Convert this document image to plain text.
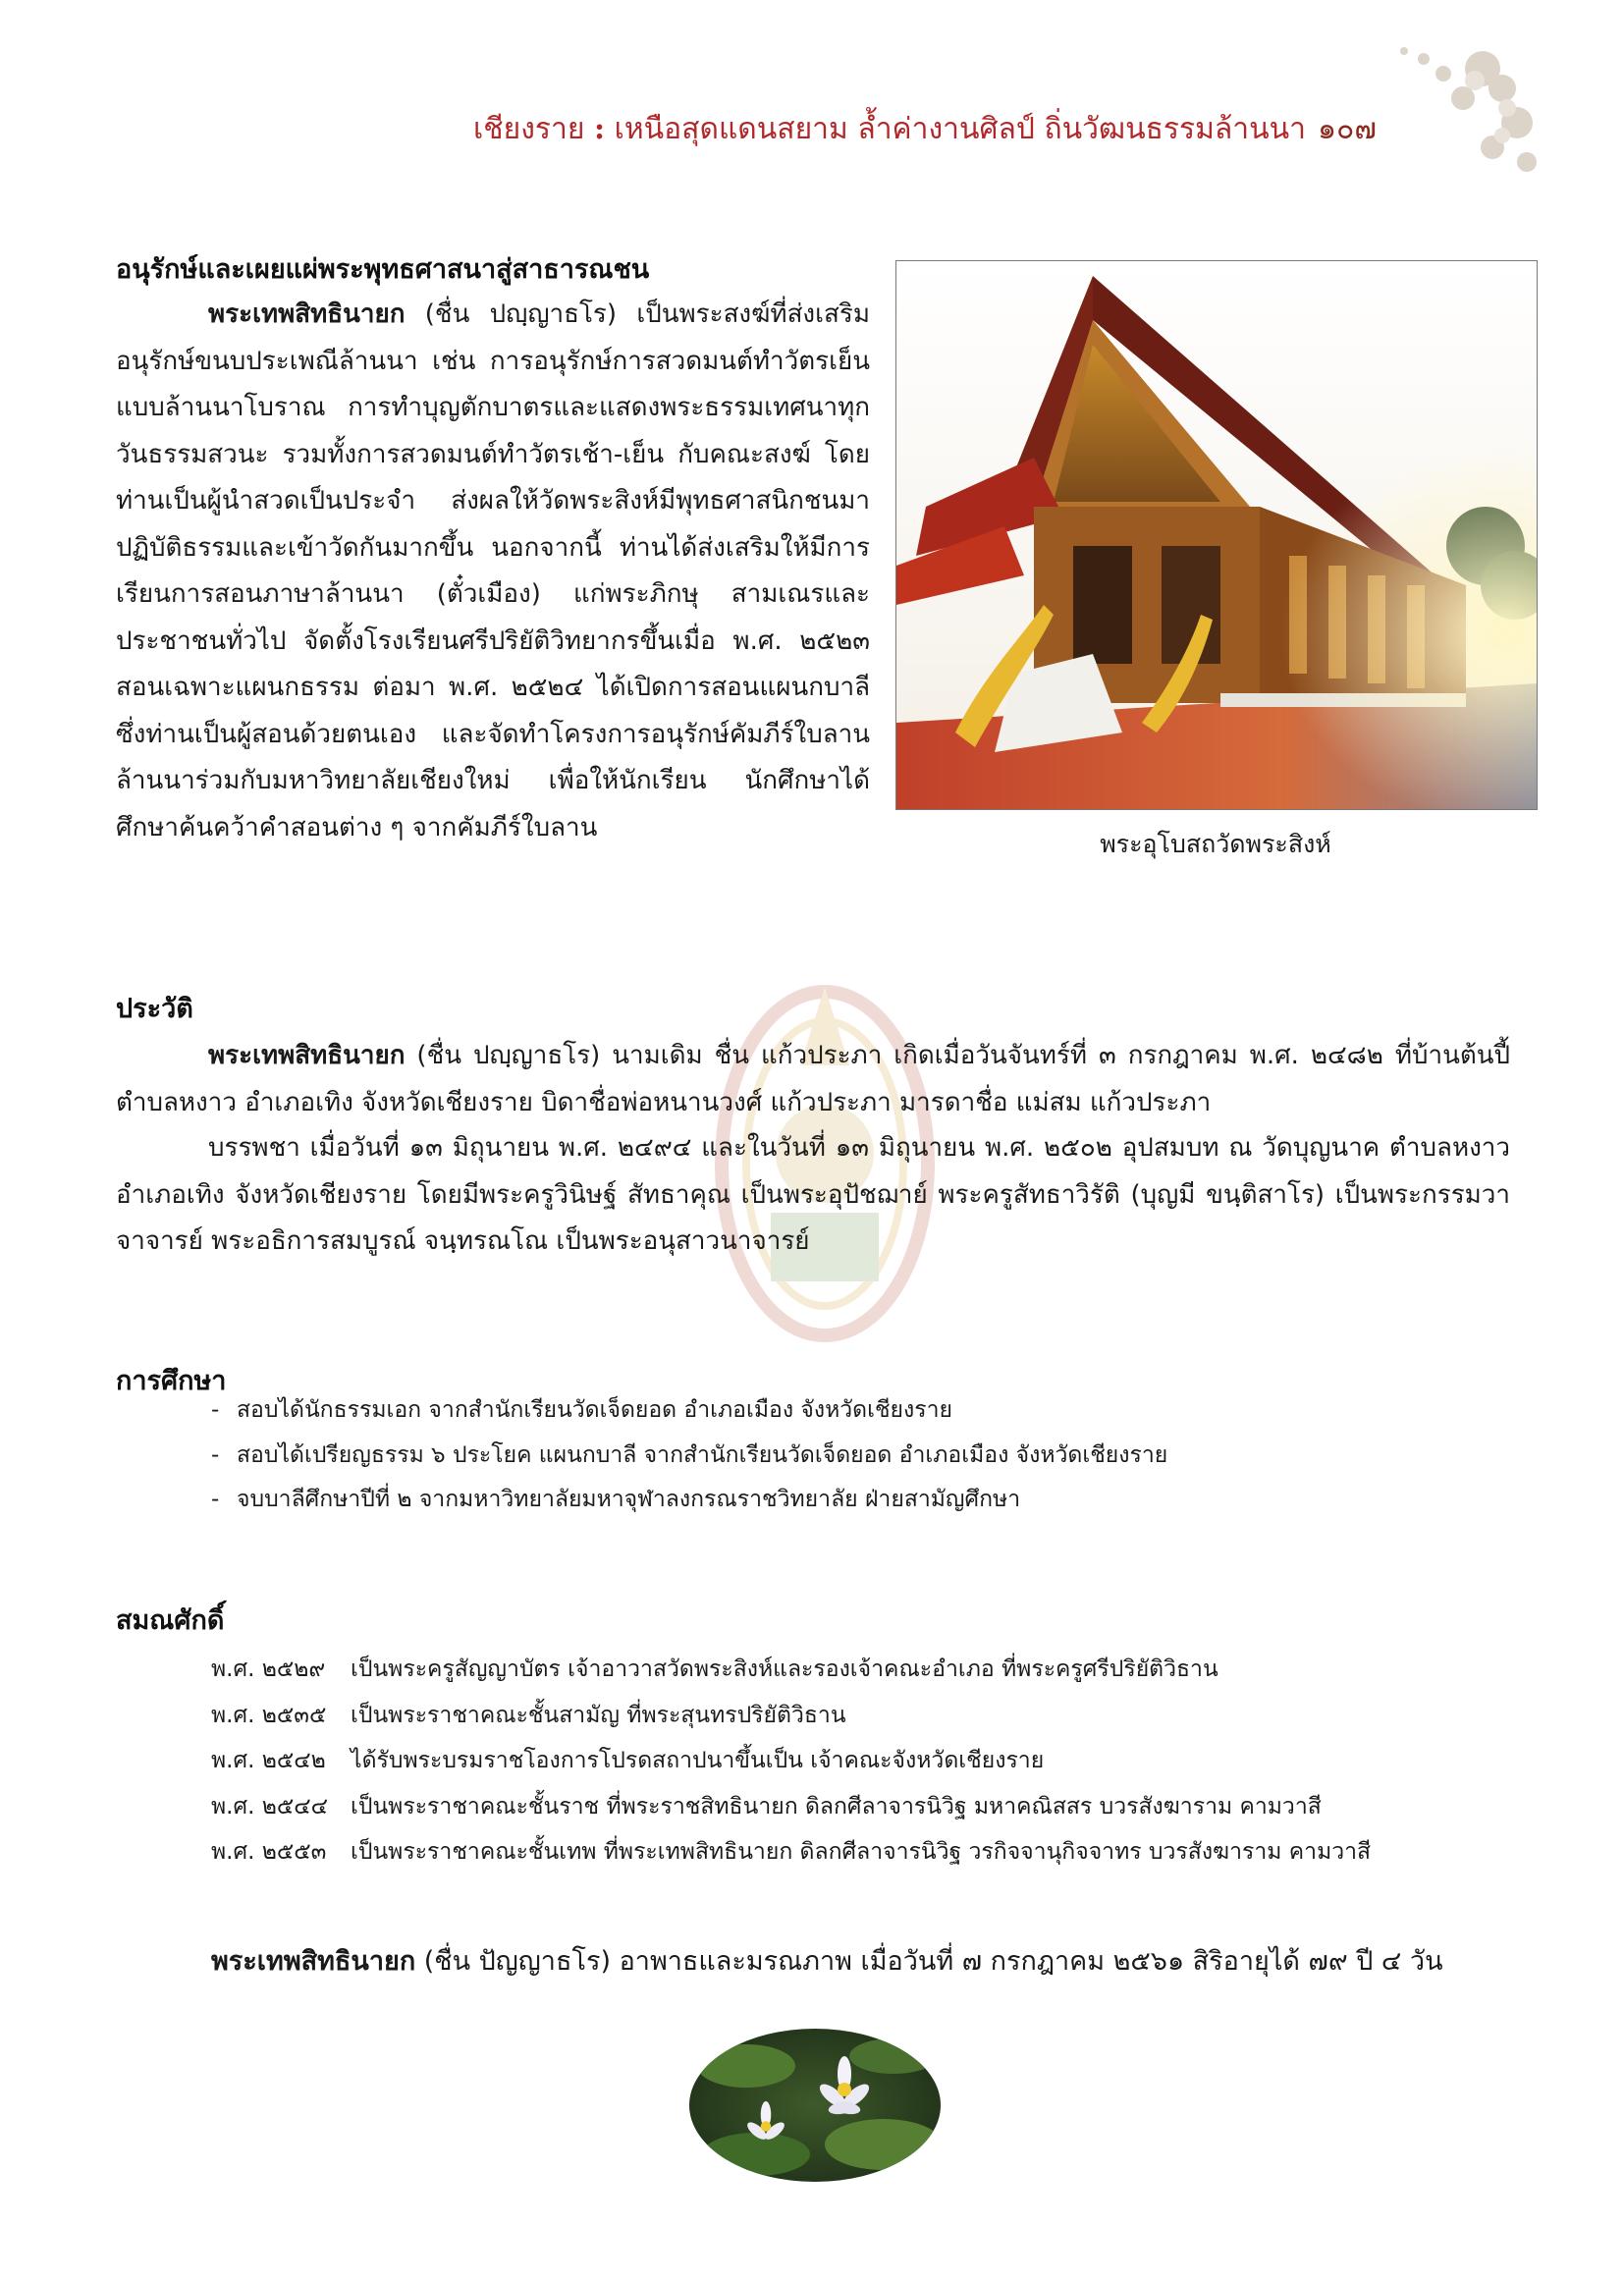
เชียงราย : เหนือสุดแดนสยาม ล้ำค่างานศิลป์ ถิ่นวัฒนธรรมล้านนา ๑๐๗
อนุรักษ์และเผยแผ่พระพุทธศาสนาสู่สาธารณชน

พระเทพสิทธินายก (ชื่น ปญฺญาธโร) เป็นพระสงฆ์ที่ส่งเสริม อนุรักษ์ขนบประเพณีล้านนา เช่น การอนุรักษ์การสวดมนต์ทำวัตรเย็นแบบล้านนาโบราณ การทำบุญตักบาตรและแสดงพระธรรมเทศนาทุกวันธรรมสวนะ รวมทั้งการสวดมนต์ทำวัตรเช้า-เย็น กับคณะสงฆ์ โดยท่านเป็นผู้นำสวดเป็นประจำ ส่งผลให้วัดพระสิงห์มีพุทธศาสนิกชนมาปฏิบัติธรรมและเข้าวัดกันมากขึ้น นอกจากนี้ ท่านได้ส่งเสริมให้มีการเรียนการสอนภาษาล้านนา (ตั๋วเมือง) แก่พระภิกษุ สามเณรและประชาชนทั่วไป จัดตั้งโรงเรียนศรีปริยัติวิทยากรขึ้นเมื่อ พ.ศ. ๒๕๒๓ สอนเฉพาะแผนกธรรม ต่อมา พ.ศ. ๒๕๒๔ ได้เปิดการสอนแผนกบาลี ซึ่งท่านเป็นผู้สอนด้วยตนเอง และจัดทำโครงการอนุรักษ์คัมภีร์ใบลานล้านนาร่วมกับมหาวิทยาลัยเชียงใหม่ เพื่อให้นักเรียน นักศึกษาได้ศึกษาค้นคว้าคำสอนต่าง ๆ จากคัมภีร์ใบลาน

พระอุโบสถวัดพระสิงห์
ประวัติ

พระเทพสิทธินายก (ชื่น ปญฺญาธโร) นามเดิม ชื่น แก้วประภา เกิดเมื่อวันจันทร์ที่ ๓ กรกฎาคม พ.ศ. ๒๔๘๒ ที่บ้านต้นปี้ ตำบลหงาว อำเภอเทิง จังหวัดเชียงราย บิดาชื่อพ่อหนานวงศ์ แก้วประภา มารดาชื่อ แม่สม แก้วประภา

บรรพชา เมื่อวันที่ ๑๓ มิถุนายน พ.ศ. ๒๔๙๔ และในวันที่ ๑๓ มิถุนายน พ.ศ. ๒๕๐๒ อุปสมบท ณ วัดบุญนาค ตำบลหงาว อำเภอเทิง จังหวัดเชียงราย โดยมีพระครูวินิษฐ์ สัทธาคุณ เป็นพระอุปัชฌาย์ พระครูสัทธาวิรัติ (บุญมี ขนฺติสาโร) เป็นพระกรรมวาจาจารย์ พระอธิการสมบูรณ์ จนฺทรณโณ เป็นพระอนุสาวนาจารย์

การศึกษา
- สอบได้นักธรรมเอก จากสำนักเรียนวัดเจ็ดยอด อำเภอเมือง จังหวัดเชียงราย
- สอบได้เปรียญธรรม ๖ ประโยค แผนกบาลี จากสำนักเรียนวัดเจ็ดยอด อำเภอเมือง จังหวัดเชียงราย
- จบบาลีศึกษาปีที่ ๒ จากมหาวิทยาลัยมหาจุฬาลงกรณราชวิทยาลัย ฝ่ายสามัญศึกษา
สมณศักดิ์
พ.ศ. ๒๕๒๙ เป็นพระครูสัญญาบัตร เจ้าอาวาสวัดพระสิงห์และรองเจ้าคณะอำเภอ ที่พระครูศรีปริยัติวิธาน
พ.ศ. ๒๕๓๕ เป็นพระราชาคณะชั้นสามัญ ที่พระสุนทรปริยัติวิธาน
พ.ศ. ๒๕๔๒ ได้รับพระบรมราชโองการโปรดสถาปนาขึ้นเป็น เจ้าคณะจังหวัดเชียงราย
พ.ศ. ๒๕๔๔ เป็นพระราชาคณะชั้นราช ที่พระราชสิทธินายก ดิลกศีลาจารนิวิฐ มหาคณิสสร บวรสังฆาราม คามวาสี
พ.ศ. ๒๕๕๓ เป็นพระราชาคณะชั้นเทพ ที่พระเทพสิทธินายก ดิลกศีลาจารนิวิฐ วรกิจจานุกิจจาทร บวรสังฆาราม คามวาสี
พระเทพสิทธินายก (ชื่น ปัญญาธโร) อาพาธและมรณภาพ เมื่อวันที่ ๗ กรกฎาคม ๒๕๖๑ สิริอายุได้ ๗๙ ปี ๔ วัน
